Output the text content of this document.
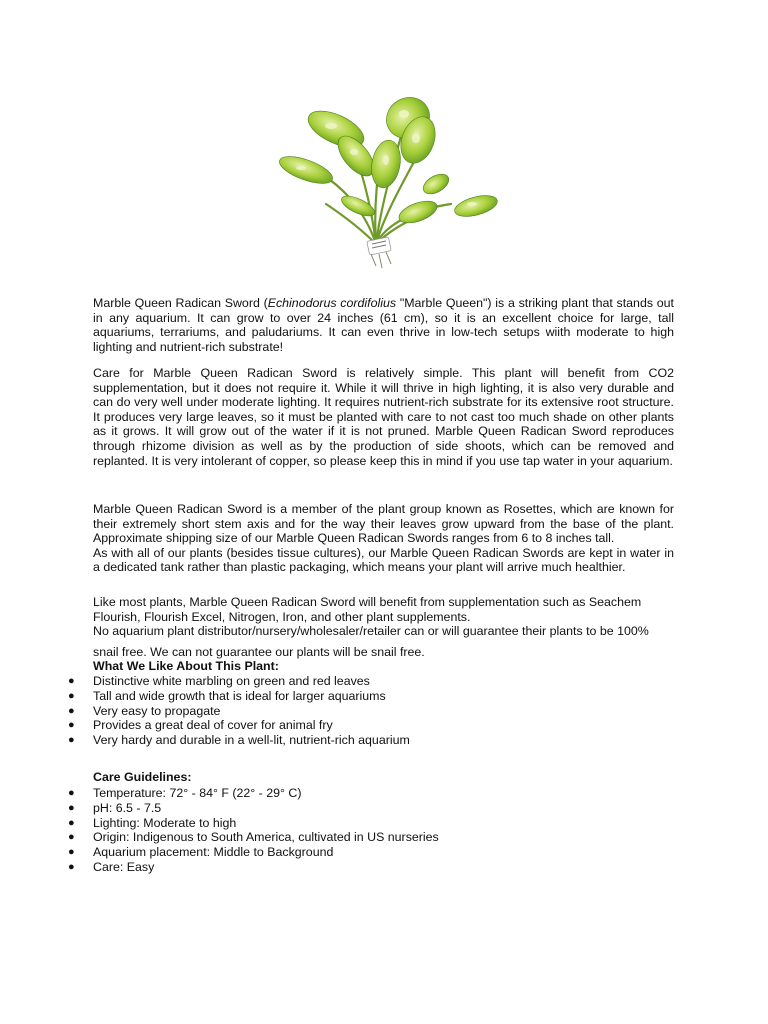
Marble Queen Radican Sword (Echinodorus cordifolius "Marble Queen") is a striking plant that stands out in any aquarium. It can grow to over 24 inches (61 cm), so it is an excellent choice for large, tall aquariums, terrariums, and paludariums. It can even thrive in low-tech setups wiith moderate to high lighting and nutrient-rich substrate!

Care for Marble Queen Radican Sword is relatively simple. This plant will benefit from CO2 supplementation, but it does not require it. While it will thrive in high lighting, it is also very durable and can do very well under moderate lighting. It requires nutrient-rich substrate for its extensive root structure. It produces very large leaves, so it must be planted with care to not cast too much shade on other plants as it grows. It will grow out of the water if it is not pruned. Marble Queen Radican Sword reproduces through rhizome division as well as by the production of side shoots, which can be removed and replanted. It is very intolerant of copper, so please keep this in mind if you use tap water in your aquarium.

Marble Queen Radican Sword is a member of the plant group known as Rosettes, which are known for their extremely short stem axis and for the way their leaves grow upward from the base of the plant. Approximate shipping size of our Marble Queen Radican Swords ranges from 6 to 8 inches tall.
As with all of our plants (besides tissue cultures), our Marble Queen Radican Swords are kept in water in a dedicated tank rather than plastic packaging, which means your plant will arrive much healthier.

Like most plants, Marble Queen Radican Sword will benefit from supplementation such as Seachem Flourish, Flourish Excel, Nitrogen, Iron, and other plant supplements.
No aquarium plant distributor/nursery/wholesaler/retailer can or will guarantee their plants to be 100%

snail free. We can not guarantee our plants will be snail free.

What We Like About This Plant:

● Distinctive white marbling on green and red leaves
● Tall and wide growth that is ideal for larger aquariums
● Very easy to propagate
● Provides a great deal of cover for animal fry
● Very hardy and durable in a well-lit, nutrient-rich aquarium

Care Guidelines:

● Temperature: 72° - 84° F (22° - 29° C)
● pH: 6.5 - 7.5
● Lighting: Moderate to high
● Origin: Indigenous to South America, cultivated in US nurseries
● Aquarium placement: Middle to Background
● Care: Easy
